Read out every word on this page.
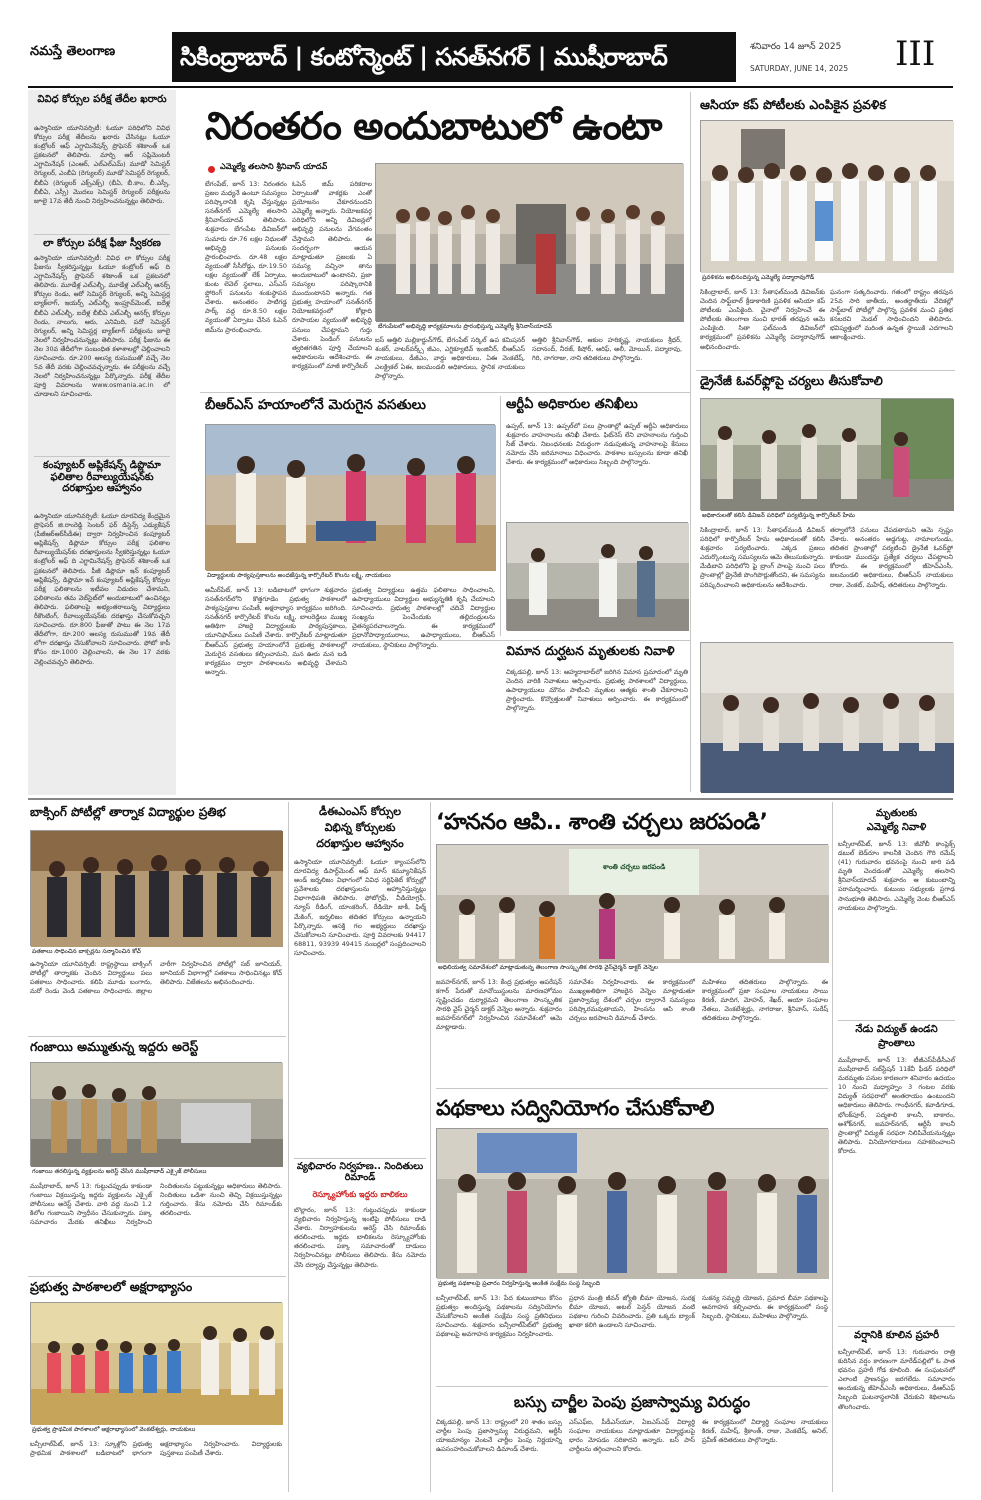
నమస్తే తెలంగాణ	సికింద్రాబాద్ | కంటోన్మెంట్ | సనత్‌నగర్ | ముషీరాబాద్	శనివారం 14 జూన్ 2025
SATURDAY, JUNE 14, 2025	III
వివిధ కోర్సుల పరీక్ష తేదీల ఖరారు
ఉస్మానియా యూనివర్సిటీ: ఓయూ పరిధిలోని వివిధ కోర్సుల పరీక్ష తేదీలను ఖరారు చేసినట్లు ఓయూ కంట్రోలర్ ఆఫ్ ఎగ్జామినేషన్స్ ప్రొఫెసర్ శశికాంత్ ఒక ప్రకటనలో తెలిపారు. మార్చి ఆర్ సప్లిమెంటరీ ఎగ్జామినేషన్ (ఎంఆర్, ఎల్‌ఎల్ఎమ్) మూడో సెమిస్టర్ రెగ్యులర్, ఎంబీఏ (రెగ్యులర్) మూడో సెమిస్టర్ రెగ్యులర్, బీబీఏ (రెగ్యులర్ ఎక్స్ఎక్స్) (బీఏ, బీ.కాం, బీ.ఎస్సీ, బీబీఏ, ఎస్సీ) మొదలు సెమిస్టర్ రెగ్యులర్ పరీక్షలను జూలై 17వ తేదీ నుంచి నిర్వహించనున్నట్లు తెలిపారు.
లా కోర్సుల పరీక్ష ఫీజు స్వీకరణ
ఉస్మానియా యూనివర్సిటీ: వివిధ లా కోర్సుల పరీక్ష ఫీజును స్వీకరిస్తున్నట్లు ఓయూ కంట్రోలర్ ఆఫ్ ది ఎగ్జామినేషన్స్ ప్రొఫెసర్ శశికాంత్ ఒక ప్రకటనలో తెలిపారు. మూడేళ్ల ఎల్ఎల్బీ, మూడేళ్ల ఎల్ఎల్బీ ఆనర్స్ కోర్సుల రెండు, ఆరో సెమిస్టర్ రెగ్యులర్, అన్ని సెమిస్టర్ల బ్యాక్‌లాగ్, ఇయర్స్ ఎల్ఎల్బీ ఇంప్రూవ్‌మెంట్, ఐదేళ్ల బీబీఏ ఎల్ఎల్బీ, ఐదేళ్ల బీబీఏ ఎల్ఎల్బీ ఆనర్స్ కోర్సుల రెండు, నాలుగు, ఆరు, ఎనిమిది, పదో సెమిస్టర్ రెగ్యులర్, అన్ని సెమిస్టర్ల బ్యాక్‌లాగ్ పరీక్షలను జూలై నెలలో నిర్వహించనున్నట్లు తెలిపారు. పరీక్ష ఫీజును ఈ నెల 30వ తేదీలోగా సంబంధిత కళాశాలల్లో చెల్లించాలని సూచించారు. రూ.200 ఆలస్య రుసుముతో వచ్చే నెల 5వ తేదీ వరకు చెల్లించవచ్చన్నారు. ఈ పరీక్షలను వచ్చే నెలలో నిర్వహించనున్నట్లు పేర్కొన్నారు. పరీక్ష తేదీల పూర్తి వివరాలను www.osmania.ac.in లో చూడాలని సూచించారు.
కంప్యూటర్ అప్లికేషన్స్ డిప్లొమా ఫలితాల రీవాల్యుయేషన్‌కు దరఖాస్తుల ఆహ్వానం
ఉస్మానియా యూనివర్సిటీ: ఓయూ దూరవిద్య కేంద్రమైన ప్రొఫెసర్ జి.రాంరెడ్డి సెంటర్ ఫర్ డిస్టెన్స్ ఎడ్యుకేషన్ (పీజీఆర్‌ఆర్‌సీడీఈ) ద్వారా నిర్వహించిన కంప్యూటర్ అప్లికేషన్స్ డిప్లొమా కోర్సుల పరీక్ష ఫలితాల రీవాల్యుయేషన్‌కు దరఖాస్తులను స్వీకరిస్తున్నట్లు ఓయూ కంట్రోలర్ ఆఫ్ ది ఎగ్జామినేషన్స్ ప్రొఫెసర్ శశికాంత్ ఒక ప్రకటనలో తెలిపారు. పీజీ డిప్లొమా ఇన్ కంప్యూటర్ అప్లికేషన్స్, డిప్లొమా ఇన్ కంప్యూటర్ అప్లికేషన్స్ కోర్సుల పరీక్ష ఫలితాలను ఇటీవల విడుదల చేశామని, ఫలితాలను తమ వెబ్‌సైట్‌లో అందుబాటులో ఉంచినట్లు తెలిపారు. ఫలితాలపై అభ్యంతరాలున్న విద్యార్థులు రీకౌంటింగ్, రీవాల్యుయేషన్‌కు దరఖాస్తు చేసుకోవచ్చని సూచించారు. రూ.800 ఫీజుతో పాటు ఈ నెల 17వ తేదీలోగా, రూ.200 ఆలస్య రుసుముతో 19వ తేదీ లోగా దరఖాస్తు చేసుకోవాలని సూచించారు. ఫోటో కాపీ కోసం రూ.1000 చెల్లించాలని, ఈ నెల 17 వరకు చెల్లించవచ్చని తెలిపారు.
నిరంతరం అందుబాటులో ఉంటా
ఎమ్మెల్యే తలసాని శ్రీనివాస్ యాదవ్
బేగంపేట్, జూన్ 13: నిరంతరం ప్రజల మధ్యనే ఉంటూ సమస్యలు పరిష్కారానికి కృషి చేస్తున్నట్లు సనత్‌నగర్ ఎమ్మెల్యే తలసాని శ్రీనివాస్‌యాదవ్ తెలిపారు. శుక్రవారం బేగంపేట డివిజన్‌లో సుమారు రూ.76 లక్షల నిధులతో అభివృద్ధి పనులకు ప్రారంభించారు. రూ.48 లక్షల వ్యయంతో సీసీరోడ్డు, రూ.19.50 లక్షల వ్యయంతో లేక్ ఏర్పాటు, కుంట లెవెల్ స్థలాలు, ఎస్ఎస్ ఫ్లోరింగ్ పనులను శంకుస్థాపన చేశారు. అనంతరం పాటిగడ్డ పార్క్ వద్ద రూ.8.50 లక్షల వ్యయంతో ఏర్పాటు చేసిన ఓపెన్ జిమ్‌ను ప్రారంభించారు.
ఓపెన్ జిమ్ పరికరాల ఏర్పాటుతో వాకర్లకు ఎంతో ప్రయోజనం చేకూరనుందని ఎమ్మెల్యే అన్నారు. నియోజకవర్గ పరిధిలోని అన్ని డివిజన్లలో అభివృద్ధి పనులను వేగవంతం చేస్తామని తెలిపారు. ఈ సందర్భంగా ఆయన మాట్లాడుతూ ప్రజలకు ఏ సమస్య వచ్చినా తాను అందుబాటులో ఉంటానని, ప్రజా సమస్యల పరిష్కారానికి ముందుంటానని అన్నారు. గత ప్రభుత్వ హయాంలో సనత్‌నగర్ నియోజకవర్గంలో కోట్లాది రూపాయల వ్యయంతో అభివృద్ధి పనులు చేపట్టామని గుర్తు చేశారు. పెండింగ్ పనులను త్వరితగతిన పూర్తి చేయాలని అధికారులను ఆదేశించారు. ఈ కార్యక్రమంలో మాజీ కార్పొరేటర్
బేగంపేటలో అభివృద్ధి కార్యక్రమాలను ప్రారంభిస్తున్న ఎమ్మెల్యే శ్రీనివాస్‌యాదవ్
ఐస్ అత్తిలి మల్లికార్జున్‌గౌడ్, బేగంపేట్ సర్కిల్ ఉప కమిషనర్ శంకర్, వాటర్‌వర్క్స్ జీఎం, ఎగ్జిక్యూటివ్ ఇంజినీర్, బీఆర్ఎస్ నాయకులు, డీజీఎం, వార్డు అధికారులు, ఏఈ వెంకటేష్, ఎలక్ట్రికల్ ఏఈ, జలమండలి అధికారులు, స్థానిక నాయకులు పాల్గొన్నారు.
అత్తిలి శ్రీనివాస్‌గౌడ్, ఆకుల హరికృష్ణ, నాయకులు శ్రీధర్, సదానంద్, నీరజ్, కిషోర్, ఆరిఫ్, అలీ, మోయిన్, పద్మారావు, గిరి, నాగరాజు, నాని తదితరులు పాల్గొన్నారు.
ఆసియా కప్ పోటీలకు ఎంపికైన ప్రవళిక
ప్రవళికను అభినందిస్తున్న ఎమ్మెల్యే పద్మారావుగౌడ్
సికింద్రాబాద్, జూన్ 13: సీతాఫల్‌మండి డివిజన్‌కు చెందిన సాఫ్ట్‌బాల్ క్రీడాకారిణి ప్రవళిక ఆసియా కప్ పోటీలకు ఎంపికైంది. చైనాలో నిర్వహించే ఈ పోటీలకు తెలంగాణ నుంచి భారత్ తరఫున ఆమె ఎంపికైంది. సితా ఫల్‌మండి డివిజన్‌లో కార్యక్రమంలో ప్రవళికను ఎమ్మెల్యే పద్మారావుగౌడ్ అభినందించారు.
ఘనంగా సత్కరించారు. గతంలో రాష్ట్రం తరపున 25వ సారి జాతీయ, అంతర్జాతీయ వేదికల్లో సాఫ్ట్‌బాల్ పోటీల్లో పాల్గొన్న ప్రవళిక మంచి ప్రతిభ కనబరచి మెడల్ సాధించిందని తెలిపారు. భవిష్యత్తులో మరింత ఉన్నత స్థాయికి ఎదగాలని ఆకాంక్షించారు.
డ్రైనేజీ ఓవర్‌ఫ్లోపై చర్యలు తీసుకోవాలి
అధికారులతో కలిసి డివిజన్ పరిధిలో పర్యటిస్తున్న కార్పొరేటర్ హేమ
సికింద్రాబాద్, జూన్ 13: సీతాఫల్‌మండి డివిజన్ పరిధిలో కార్పొరేటర్ హేమ అధికారులతో కలిసి శుక్రవారం పర్యటించారు. ఎక్కడ ప్రజలు ఎదుర్కొంటున్న సమస్యలను ఆమె తెలుసుకున్నారు. మేడిబావి పరిధిలోని ఫై బ్రాంగ్ పాలపై నుంచి పలు ప్రాంతాల్లో డ్రైనేజీ పొంగిపొర్లుతోందని, ఈ సమస్యను పరిష్కరించాలని అధికారులను ఆదేశించారు.
తర్వాలోనే పనులు చేపడతామని ఆమె స్పష్టం చేశారు. అనంతరం అడ్డగుట్ట, నామాలగుండు, తదితర ప్రాంతాల్లో పర్యటించి డ్రైనేజీ ఓవర్‌ఫ్లో కాకుండా ముందస్తు ప్రత్యేక చర్యలు చేపట్టాలని కోరారు. ఈ కార్యక్రమంలో జీహెచ్ఎంసీ, జలమండలి అధికారులు, బీఆర్ఎస్ నాయకులు రాజు, వెంకట్, మహేష్, తదితరులు పాల్గొన్నారు.
బీఆర్ఎస్ హయాంలోనే మెరుగైన వసతులు
విద్యార్థులకు పాఠ్యపుస్తకాలను అందజేస్తున్న కార్పొరేటర్ కొలను లక్ష్మి, నాయకులు
అమీర్‌పేట్, జూన్ 13: బడిబాటలో భాగంగా శుక్రవారం సనత్‌నగర్‌లోని కొత్తగూడెం ప్రభుత్వ పాఠశాలలో పాఠ్యపుస్తకాల పంపిణీ, అక్షరాభ్యాస కార్యక్రమం జరిగింది. సనత్‌నగర్ కార్పొరేటర్ కొలను లక్ష్మి, బాలరెడ్డిలు ముఖ్య అతిథిగా హాజరై విద్యార్థులకు పాఠ్యపుస్తకాలు, యూనిఫామ్‌లు పంపిణీ చేశారు. కార్పొరేటర్ మాట్లాడుతూ బీఆర్ఎస్ ప్రభుత్వ హయాంలోనే ప్రభుత్వ పాఠశాలల్లో మెరుగైన వసతులు కల్పించామని, మన ఊరు మన బడి కార్యక్రమం ద్వారా పాఠశాలలను అభివృద్ధి చేశామని అన్నారు.
ప్రభుత్వ విద్యార్థులు ఉత్తమ ఫలితాలు సాధించాలని, ఉపాధ్యాయులు విద్యార్థుల అభ్యున్నతికి కృషి చేయాలని సూచించారు. ప్రభుత్వ పాఠశాలల్లో చదివే విద్యార్థుల సంఖ్యను పెంచేందుకు తల్లిదండ్రులను చైతన్యపరచాలన్నారు. ఈ కార్యక్రమంలో ప్రధానోపాధ్యాయురాలు, ఉపాధ్యాయులు, బీఆర్ఎస్ నాయకులు, స్థానికులు పాల్గొన్నారు.
ఆర్టీఏ అధికారుల తనిఖీలు
ఉప్పల్, జూన్ 13: ఉప్పల్‌లో పలు ప్రాంతాల్లో ఉప్పల్ ఆర్టీఏ అధికారులు శుక్రవారం వాహనాలను తనిఖీ చేశారు. ఫిట్‌నెస్ లేని వాహనాలను గుర్తించి సీజ్ చేశారు. నిబంధనలకు విరుద్ధంగా నడుపుతున్న వాహనాలపై కేసులు నమోదు చేసి జరిమానాలు విధించారు. పాఠశాల బస్సులను కూడా తనిఖీ చేశారు. ఈ కార్యక్రమంలో అధికారులు సిబ్బంది పాల్గొన్నారు.
విమాన దుర్ఘటన మృతులకు నివాళి
చిక్కడపల్లి, జూన్ 13: ఆహ్మదాబాద్‌లో జరిగిన విమాన ప్రమాదంలో మృతి చెందిన వారికి నివాళులు అర్పించారు. ప్రభుత్వ పాఠశాలలో విద్యార్థులు, ఉపాధ్యాయులు మౌనం పాటించి మృతుల ఆత్మకు శాంతి చేకూరాలని ప్రార్థించారు. కొవ్వొత్తులతో నివాళులు అర్పించారు. ఈ కార్యక్రమంలో పాల్గొన్నారు.
బాక్సింగ్ పోటీల్లో తార్నాక విద్యార్థుల ప్రతిభ
పతకాలు సాధించిన బాక్సర్లను సన్మానించిన కోచ్
ఉస్మానియా యూనివర్సిటీ: రాష్ట్రస్థాయి బాక్సింగ్ పోటీల్లో తార్నాకకు చెందిన విద్యార్థులు పలు పతకాలు సాధించారు. కలిపి మూడు బంగారు, మరో రెండు వెండి పతకాలు సాధించారు. జిల్లాల వారీగా నిర్వహించిన పోటీల్లో సబ్ జూనియర్, జూనియర్ విభాగాల్లో పతకాలు సాధించినట్లు కోచ్ తెలిపారు. విజేతలను అభినందించారు.
గంజాయి అమ్ముతున్న ఇద్దరు అరెస్ట్
గంజాయి తరలిస్తున్న వ్యక్తులను అరెస్ట్ చేసిన ముషీరాబాద్ ఎక్సైజ్ పోలీసులు
ముషీరాబాద్, జూన్ 13: గుట్టుచప్పుడు కాకుండా గంజాయి విక్రయిస్తున్న ఇద్దరు వ్యక్తులను ఎక్సైజ్ పోలీసులు అరెస్ట్ చేశారు. వారి వద్ద నుంచి 1.2 కిలోల గంజాయిని స్వాధీనం చేసుకున్నారు. పక్కా సమాచారం మేరకు తనిఖీలు నిర్వహించి నిందితులను పట్టుకున్నట్లు అధికారులు తెలిపారు. నిందితులు ఒడిశా నుంచి తెచ్చి విక్రయిస్తున్నట్లు గుర్తించారు. కేసు నమోదు చేసి రిమాండ్‌కు తరలించారు.
ప్రభుత్వ పాఠశాలలో అక్షరాభ్యాసం
ప్రభుత్వ ప్రాథమిక పాఠశాలలో అక్షరాభ్యాసంలో వెంకటేశ్వర్లు, నాయకులు
బన్సీలాల్‌పేట్, జూన్ 13: స్కూళ్లోని ప్రభుత్వ ప్రాథమిక పాఠశాలలో బడిబాటలో భాగంగా అక్షరాభ్యాసం నిర్వహించారు. విద్యార్థులకు పుస్తకాలు పంపిణీ చేశారు.
డీఈఎంఎస్ కోర్సుల
విభిన్న కోర్సులకు
దరఖాస్తుల ఆహ్వానం
ఉస్మానియా యూనివర్సిటీ: ఓయూ క్యాంపస్‌లోని దూరవిద్య డిపార్ట్‌మెంట్ ఆఫ్ మాస్ కమ్యూనికేషన్ అండ్ జర్నలిజం విభాగంలో వివిధ సర్టిఫికెట్ కోర్సుల్లో ప్రవేశాలకు దరఖాస్తులను ఆహ్వానిస్తున్నట్లు విభాగాధిపతి తెలిపారు. ఫోటోగ్రఫీ, వీడియోగ్రఫీ, న్యూస్ రీడింగ్, యాంకరింగ్, రేడియో జాకీ, ఫిల్మ్ మేకింగ్, జర్నలిజం తదితర కోర్సులు ఉన్నాయని పేర్కొన్నారు. ఆసక్తి గల అభ్యర్థులు దరఖాస్తు చేసుకోవాలని సూచించారు. పూర్తి వివరాలకు 94417 68811, 93939 49415 నంబర్లలో సంప్రదించాలని సూచించారు.
వ్యభిచారం నిర్వహణ.. నిందితులు రిమాండ్
రెస్క్యూహోంకు ఇద్దరు బాలికలు
బొల్లారం, జూన్ 13: గుట్టుచప్పుడు కాకుండా వ్యభిచారం నిర్వహిస్తున్న ఇంటిపై పోలీసులు దాడి చేశారు. నిర్వాహకులను అరెస్ట్ చేసి రిమాండ్‌కు తరలించారు. ఇద్దరు బాలికలను రెస్క్యూహోంకు తరలించారు. పక్కా సమాచారంతో దాడులు నిర్వహించినట్లు పోలీసులు తెలిపారు. కేసు నమోదు చేసి దర్యాప్తు చేస్తున్నట్లు తెలిపారు.
‘హననం ఆపి.. శాంతి చర్చలు జరపండి’
శాంతి చర్చలు జరపండి
అధిలియత్వ సమావేశంలో మాట్లాడుతున్న తెలంగాణ సాంస్కృతిక సారథి వైస్‌చైర్మన్ డాక్టర్ వెన్నెల
జవహర్‌నగర్, జూన్ 13: కేంద్ర ప్రభుత్వం ఆపరేషన్ కగార్ పేరుతో మావోయిస్టులను మారణహోమం సృష్టించడం దుర్మార్గమని తెలంగాణ సాంస్కృతిక సారథి వైస్ చైర్మన్ డాక్టర్ వెన్నెల అన్నారు. శుక్రవారం జవహర్‌నగర్‌లో నిర్వహించిన సమావేశంలో ఆమె మాట్లాడారు.
సమావేశం నిర్వహించారు. ఈ కార్యక్రమంలో ముఖ్యఅతిథిగా హాజరైన వెన్నెల మాట్లాడుతూ ప్రజాస్వామ్య దేశంలో చర్చల ద్వారానే సమస్యలు పరిష్కారమవుతాయని, హింసను ఆపి శాంతి చర్చలు జరపాలని డిమాండ్ చేశారు.
మహిళలు తదితరులు పాల్గొన్నారు. ఈ కార్యక్రమంలో ప్రజా సంఘాల నాయకులు సాయి కిరణ్, మాదిగ, మోహన్, శేఖర్, ఆయా సంఘాల నేతలు, వెంకటేశ్వర్లు, నాగరాజు, శ్రీనివాస్, సురేష్ తదితరులు పాల్గొన్నారు.
పథకాలు సద్వినియోగం చేసుకోవాలి
ప్రభుత్వ పథకాలపై ప్రచారం నిర్వహిస్తున్న అంకిత సంక్షేమ సంస్థ సిబ్బంది
బన్సీలాల్‌పేట్, జూన్ 13: పేద కుటుంబాలు కోసం ప్రభుత్వం అందిస్తున్న పథకాలను సద్వినియోగం చేసుకోవాలని అంకిత సంక్షేమ సంస్థ ప్రతినిధులు సూచించారు. శుక్రవారం బన్సీలాల్‌పేట్‌లో ప్రభుత్వ పథకాలపై అవగాహన కార్యక్రమం నిర్వహించారు.
ప్రధాన మంత్రి జీవన్ జ్యోతి బీమా యోజన, సురక్ష బీమా యోజన, అటల్ పెన్షన్ యోజన వంటి పథకాల గురించి వివరించారు. ప్రతి ఒక్కరు బ్యాంక్ ఖాతా కలిగి ఉండాలని సూచించారు.
సుకన్య సమృద్ధి యోజన, ప్రమాద బీమా పథకాలపై అవగాహన కల్పించారు. ఈ కార్యక్రమంలో సంస్థ సిబ్బంది, స్థానికులు, మహిళలు పాల్గొన్నారు.
బస్సు చార్జీల పెంపు ప్రజాస్వామ్య విరుద్ధం
చిక్కడపల్లి, జూన్ 13: రాష్ట్రంలో 20 శాతం బస్సు చార్జీల పెంపు ప్రజాస్వామ్య విరుద్ధమని, ఆర్టీసీ యాజమాన్యం వెంటనే చార్జీల పెంపు నిర్ణయాన్ని ఉపసంహరించుకోవాలని డిమాండ్ చేశారు.
ఎస్ఎఫ్ఐ, పీడీఎస్‌యూ, ఏఐఎస్ఎఫ్ విద్యార్థి సంఘాల నాయకులు మాట్లాడుతూ విద్యార్థులపై భారం మోపడం సరికాదని అన్నారు. బస్ పాస్ చార్జీలను తగ్గించాలని కోరారు.
ఈ కార్యక్రమంలో విద్యార్థి సంఘాల నాయకులు కిరణ్, మహేష్, శ్రీకాంత్, రాజు, వెంకటేష్, అనిల్, ప్రవీణ్ తదితరులు పాల్గొన్నారు.
మృతులకు
ఎమ్మెల్యే నివాళి
బన్సీలాల్‌పేట్, జూన్ 13: జీవోబీ కాంప్లెక్స్ డబుల్ బెడ్‌రూం కాలనీకి చెందిన గౌరి రమేష్ (41) గురువారం భవనంపై నుంచి జారి పడి మృతి చెందడంతో ఎమ్మెల్యే తలసాని శ్రీనివాస్‌యాదవ్ శుక్రవారం ఆ కుటుంబాన్ని పరామర్శించారు. కుటుంబ సభ్యులకు ప్రగాఢ సానుభూతి తెలిపారు. ఎమ్మెల్యే వెంట బీఆర్ఎస్ నాయకులు పాల్గొన్నారు.
నేడు విద్యుత్ ఉండని
ప్రాంతాలు
ముషీరాబాద్, జూన్ 13: టీజీఎస్‌పీడీసీఎల్ ముషీరాబాద్ సబ్‌స్టేషన్ 11కేవీ ఫీడర్ పరిధిలో మరమ్మతు పనుల కారణంగా శనివారం ఉదయం 10 నుంచి మధ్యాహ్నం 3 గంటల వరకు విద్యుత్ సరఫరాలో అంతరాయం ఉంటుందని అధికారులు తెలిపారు. గాంధీనగర్, కవాడిగూడ, భోలక్‌పూర్, పద్మశాలి కాలనీ, బాకారం, అశోక్‌నగర్, జవహర్‌నగర్, ఆర్టీసీ కాలనీ ప్రాంతాల్లో విద్యుత్ సరఫరా నిలిపివేయనున్నట్లు తెలిపారు. వినియోగదారులు సహకరించాలని కోరారు.
వర్షానికి కూలిన ప్రహరీ
బన్సీలాల్‌పేట్, జూన్ 13: గురువారం రాత్రి కురిసిన వర్షం కారణంగా మారేడ్‌పల్లిలో ఓ పాత భవనం ప్రహరీ గోడ కూలింది. ఈ సంఘటనలో ఎలాంటి ప్రాణనష్టం జరగలేదు. సమాచారం అందుకున్న జీహెచ్ఎంసీ అధికారులు, డీఆర్ఎఫ్ సిబ్బంది ఘటనాస్థలానికి చేరుకుని శిథిలాలను తొలగించారు.
